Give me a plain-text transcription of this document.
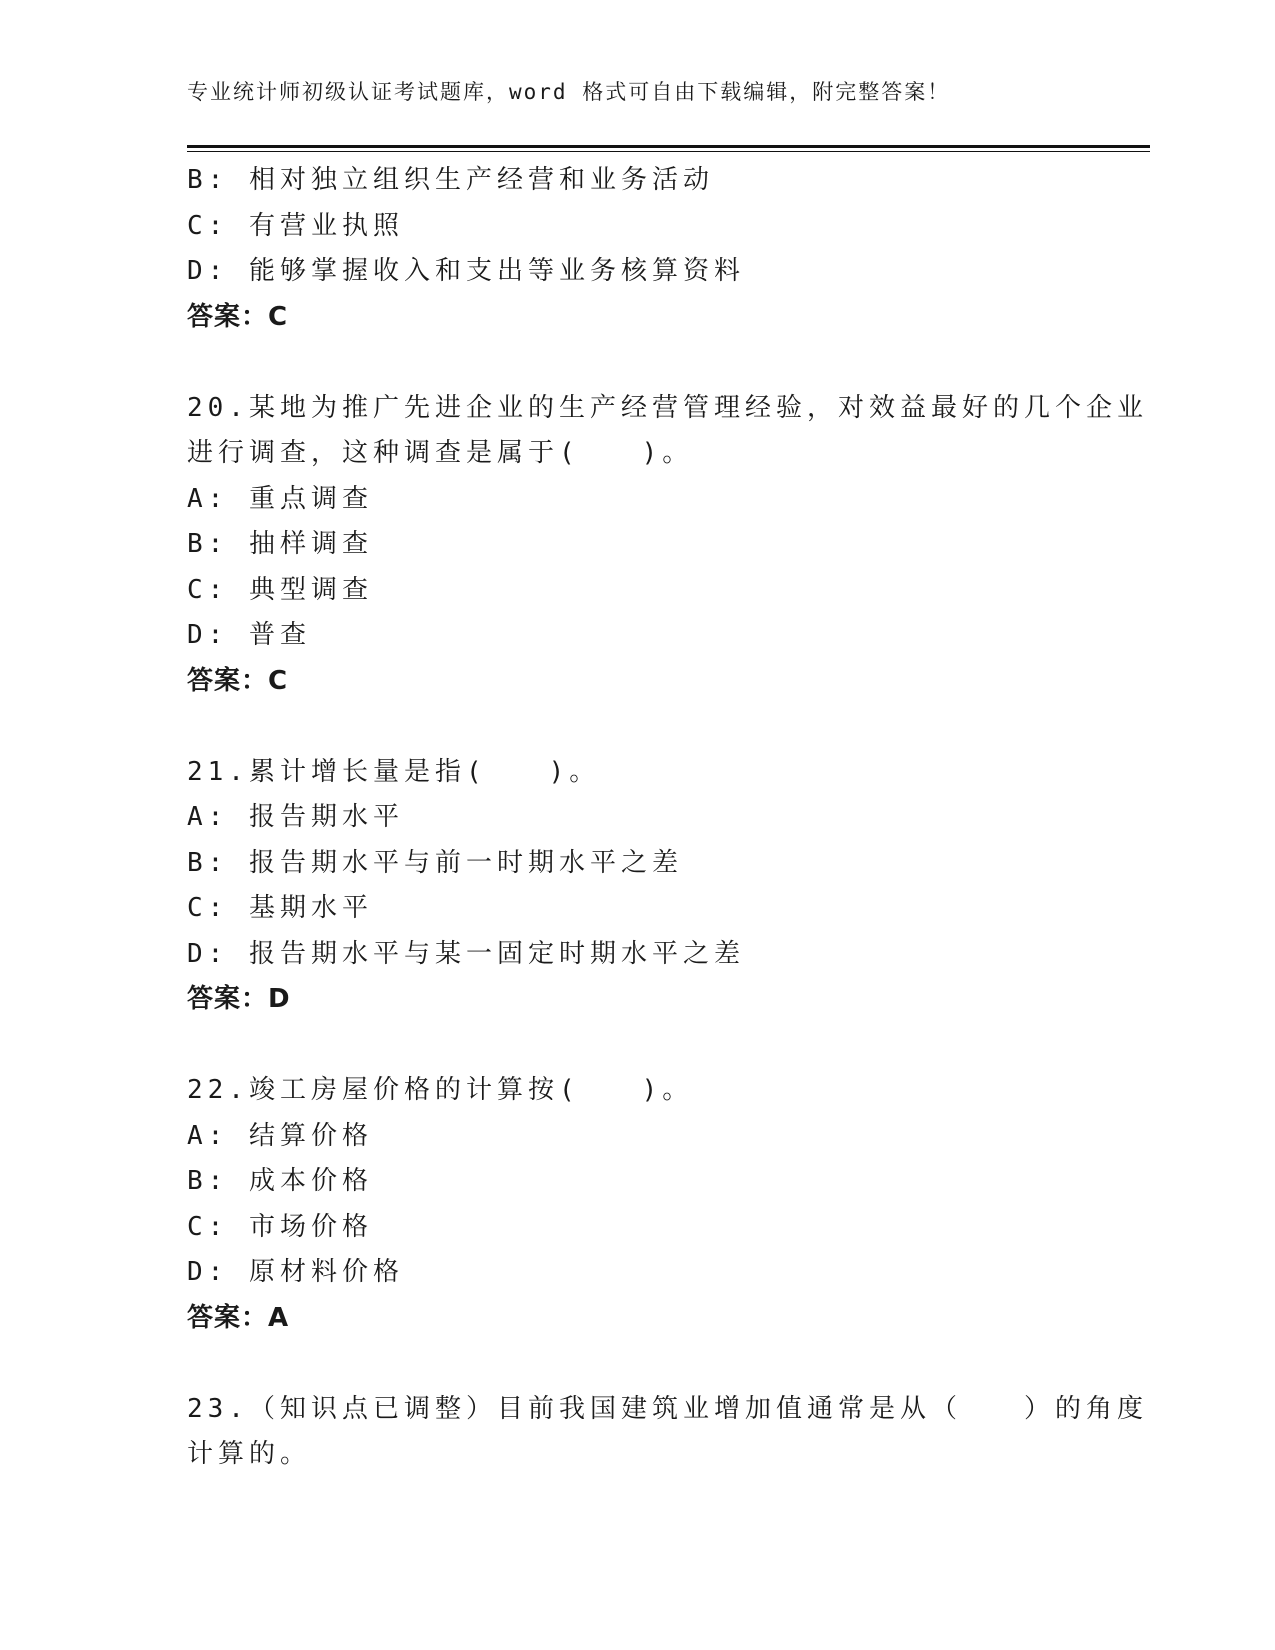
专业统计师初级认证考试题库，word 格式可自由下载编辑，附完整答案！
B: 相对独立组织生产经营和业务活动
C: 有营业执照
D: 能够掌握收入和支出等业务核算资料
答案：C
20.某地为推广先进企业的生产经营管理经验，对效益最好的几个企业
进行调查，这种调查是属于(　　)。
A: 重点调查
B: 抽样调查
C: 典型调查
D: 普查
答案：C
21.累计增长量是指(　　)。
A: 报告期水平
B: 报告期水平与前一时期水平之差
C: 基期水平
D: 报告期水平与某一固定时期水平之差
答案：D
22.竣工房屋价格的计算按(　　)。
A: 结算价格
B: 成本价格
C: 市场价格
D: 原材料价格
答案：A
23.（知识点已调整）目前我国建筑业增加值通常是从（　　）的角度
计算的。
